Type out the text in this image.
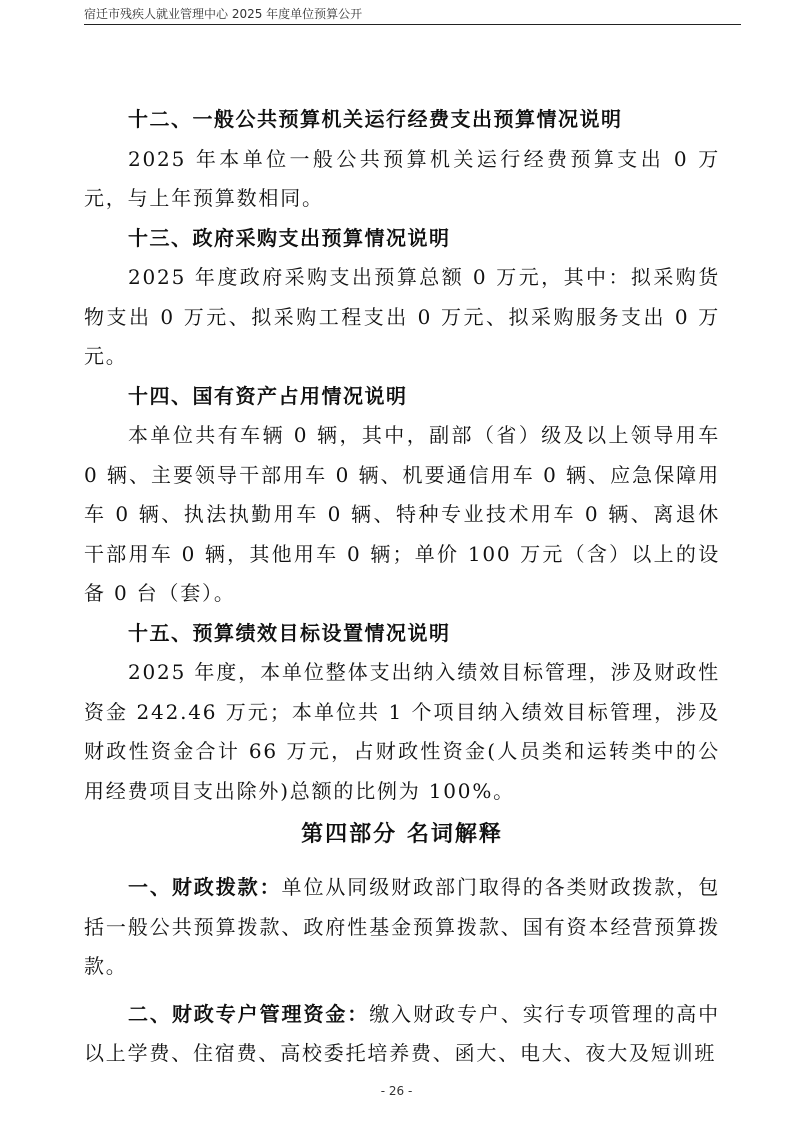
宿迁市残疾人就业管理中心 2025 年度单位预算公开

十二、一般公共预算机关运行经费支出预算情况说明

2025 年本单位一般公共预算机关运行经费预算支出 0 万元，与上年预算数相同。

十三、政府采购支出预算情况说明

2025 年度政府采购支出预算总额 0 万元，其中：拟采购货物支出 0 万元、拟采购工程支出 0 万元、拟采购服务支出 0 万元。

十四、国有资产占用情况说明

本单位共有车辆 0 辆，其中，副部（省）级及以上领导用车 0 辆、主要领导干部用车 0 辆、机要通信用车 0 辆、应急保障用车 0 辆、执法执勤用车 0 辆、特种专业技术用车 0 辆、离退休干部用车 0 辆，其他用车 0 辆；单价 100 万元（含）以上的设备 0 台（套）。

十五、预算绩效目标设置情况说明

2025 年度，本单位整体支出纳入绩效目标管理，涉及财政性资金 242.46 万元；本单位共 1 个项目纳入绩效目标管理，涉及财政性资金合计 66 万元，占财政性资金(人员类和运转类中的公用经费项目支出除外)总额的比例为 100%。

第四部分 名词解释

一、财政拨款：单位从同级财政部门取得的各类财政拨款，包括一般公共预算拨款、政府性基金预算拨款、国有资本经营预算拨款。

二、财政专户管理资金：缴入财政专户、实行专项管理的高中以上学费、住宿费、高校委托培养费、函大、电大、夜大及短训班

- 26 -
